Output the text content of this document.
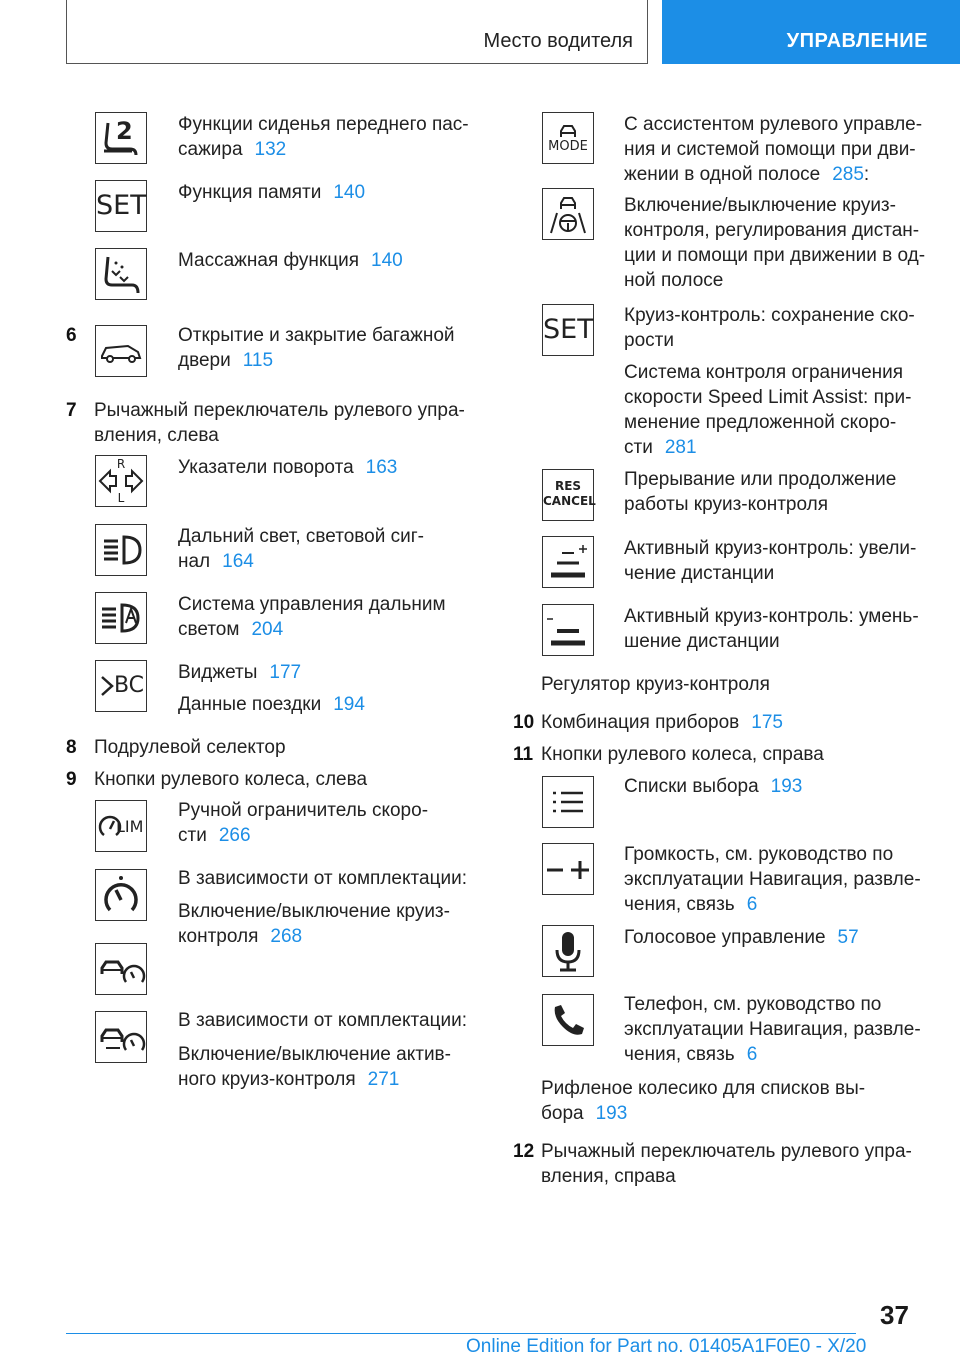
Место водителя	УПРАВЛЕНИЕ
2	Функции сиденья переднего пас-
сажира 132
SET Функция памяти 140
Массажная функция 140
6	Открытие и закрытие багажной
двери 115
7 Рычажный переключатель рулевого упра-
вления, слева
R
L
Указатели поворота 163
Дальний свет, световой сиг-
нал 164
Система управления дальним
светом 204
BC
Виджеты 177
Данные поездки 194
8 Подрулевой селектор
9 Кнопки рулевого колеса, слева
LIM
Ручной ограничитель скоро-
сти 266
В зависимости от комплектации:
Включение/выключение круиз-
контроля 268
В зависимости от комплектации:
Включение/выключение актив-
ного круиз-контроля 271
MODE
С ассистентом рулевого управле-
ния и системой помощи при дви-
жении в одной полосе 285:
Включение/выключение круиз-
контроля, регулирования дистан-
ции и помощи при движении в од-
ной полосе
SET Круиз-контроль: сохранение ско-
рости
Система контроля ограничения
скорости Speed Limit Assist: при-
менение предложенной скоро-
сти 281
RES
CANCEL
Прерывание или продолжение
работы круиз-контроля
Активный круиз-контроль: увели-
чение дистанции
Активный круиз-контроль: умень-
шение дистанции
Регулятор круиз-контроля
10 Комбинация приборов 175
11 Кнопки рулевого колеса, справа
Списки выбора 193
Громкость, см. руководство по
эксплуатации Навигация, развле-
чения, связь 6
Голосовое управление 57
Телефон, см. руководство по
эксплуатации Навигация, развле-
чения, связь 6
Рифленое колесико для списков вы-
бора 193
12 Рычажный переключатель рулевого упра-
вления, справа
37
Online Edition for Part no. 01405A1F0E0 - X/20
